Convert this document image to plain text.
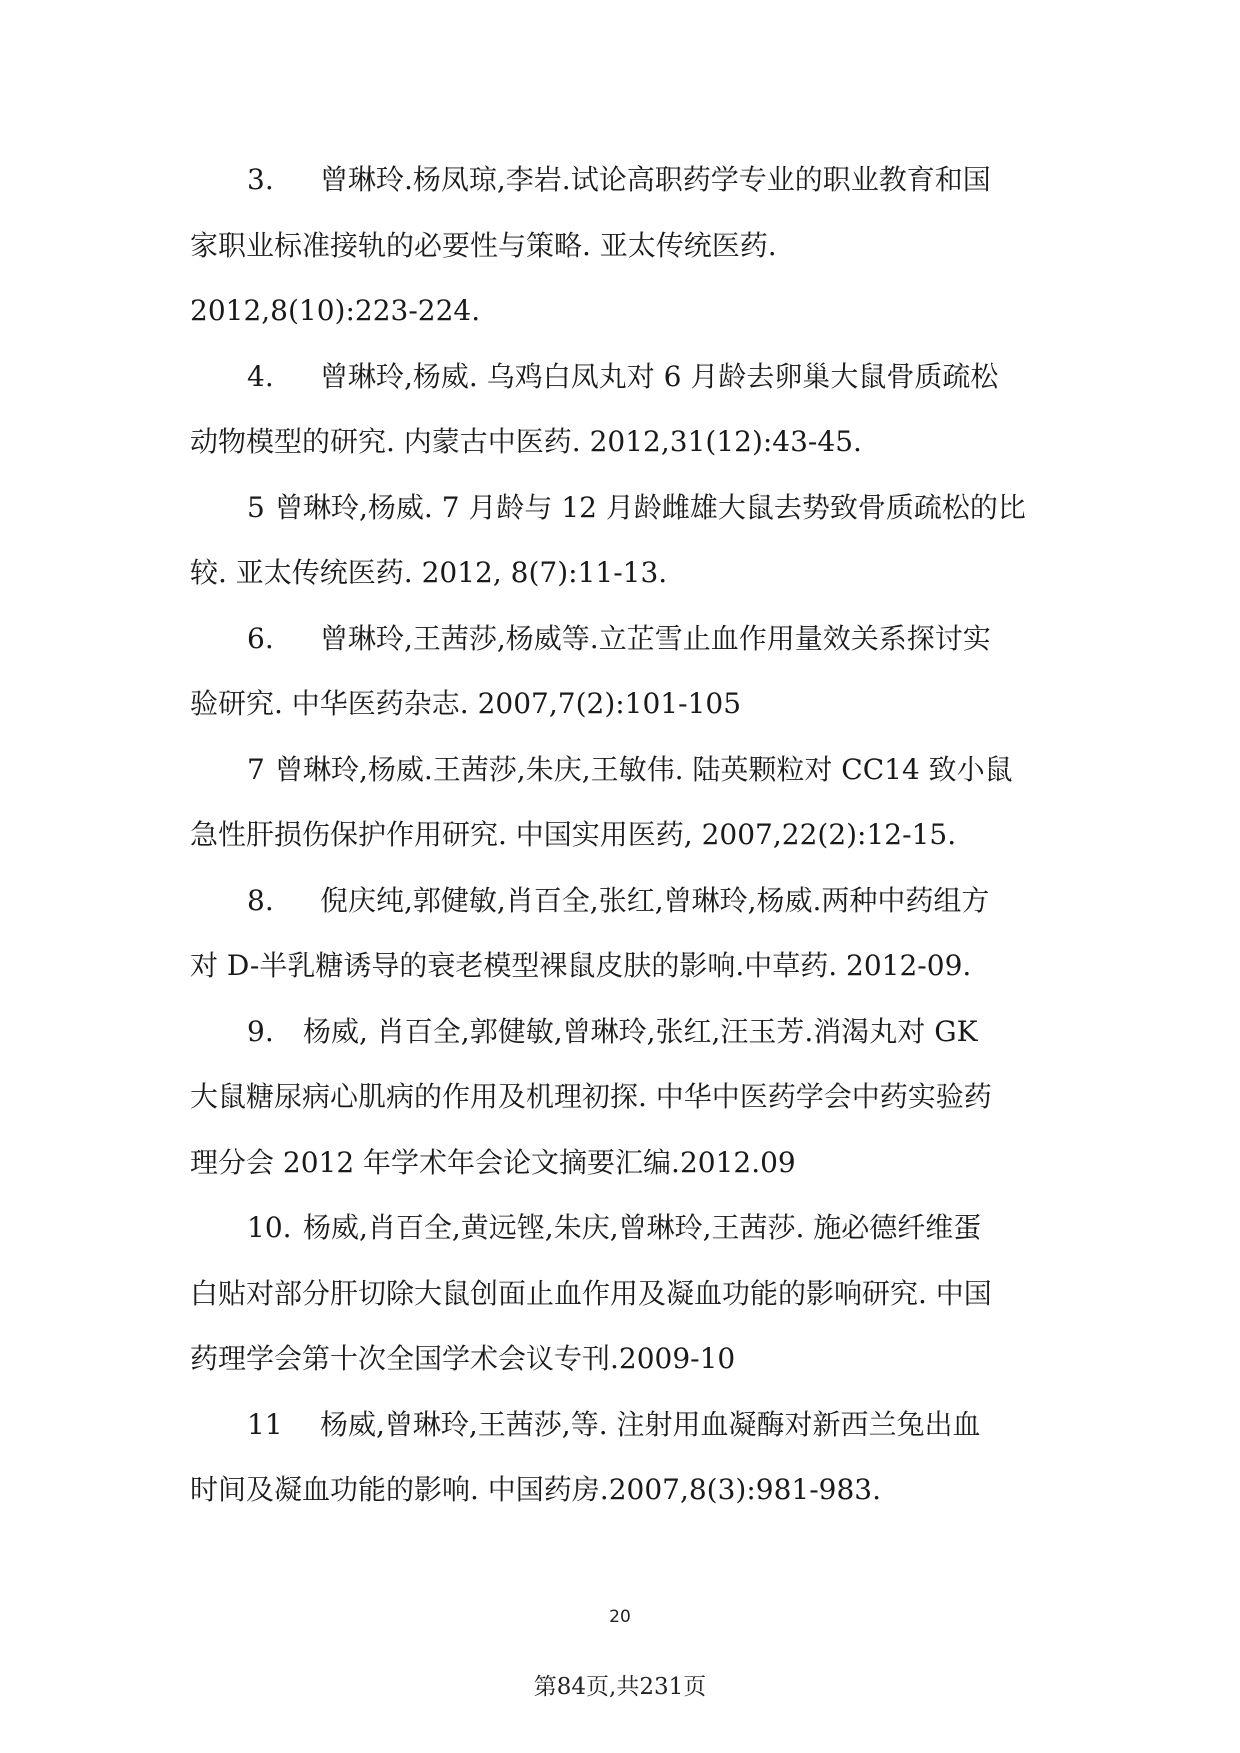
3. 曾琳玲.杨凤琼,李岩.试论高职药学专业的职业教育和国
家职业标准接轨的必要性与策略. 亚太传统医药.
2012,8(10):223-224.
4. 曾琳玲,杨威. 乌鸡白凤丸对 6 月龄去卵巢大鼠骨质疏松
动物模型的研究. 内蒙古中医药. 2012,31(12):43-45.
5 曾琳玲,杨威. 7 月龄与 12 月龄雌雄大鼠去势致骨质疏松的比
较. 亚太传统医药. 2012, 8(7):11-13.
6. 曾琳玲,王茜莎,杨威等.立芷雪止血作用量效关系探讨实
验研究. 中华医药杂志. 2007,7(2):101-105
7 曾琳玲,杨威.王茜莎,朱庆,王敏伟. 陆英颗粒对 CC14 致小鼠
急性肝损伤保护作用研究. 中国实用医药, 2007,22(2):12-15.
8. 倪庆纯,郭健敏,肖百全,张红,曾琳玲,杨威.两种中药组方
对 D-半乳糖诱导的衰老模型裸鼠皮肤的影响.中草药. 2012-09.
9. 杨威, 肖百全,郭健敏,曾琳玲,张红,汪玉芳.消渴丸对 GK
大鼠糖尿病心肌病的作用及机理初探. 中华中医药学会中药实验药
理分会 2012 年学术年会论文摘要汇编.2012.09
10. 杨威,肖百全,黄远铿,朱庆,曾琳玲,王茜莎. 施必德纤维蛋
白贴对部分肝切除大鼠创面止血作用及凝血功能的影响研究. 中国
药理学会第十次全国学术会议专刊.2009-10
11 杨威,曾琳玲,王茜莎,等. 注射用血凝酶对新西兰兔出血
时间及凝血功能的影响. 中国药房.2007,8(3):981-983.
20
第84页,共231页
